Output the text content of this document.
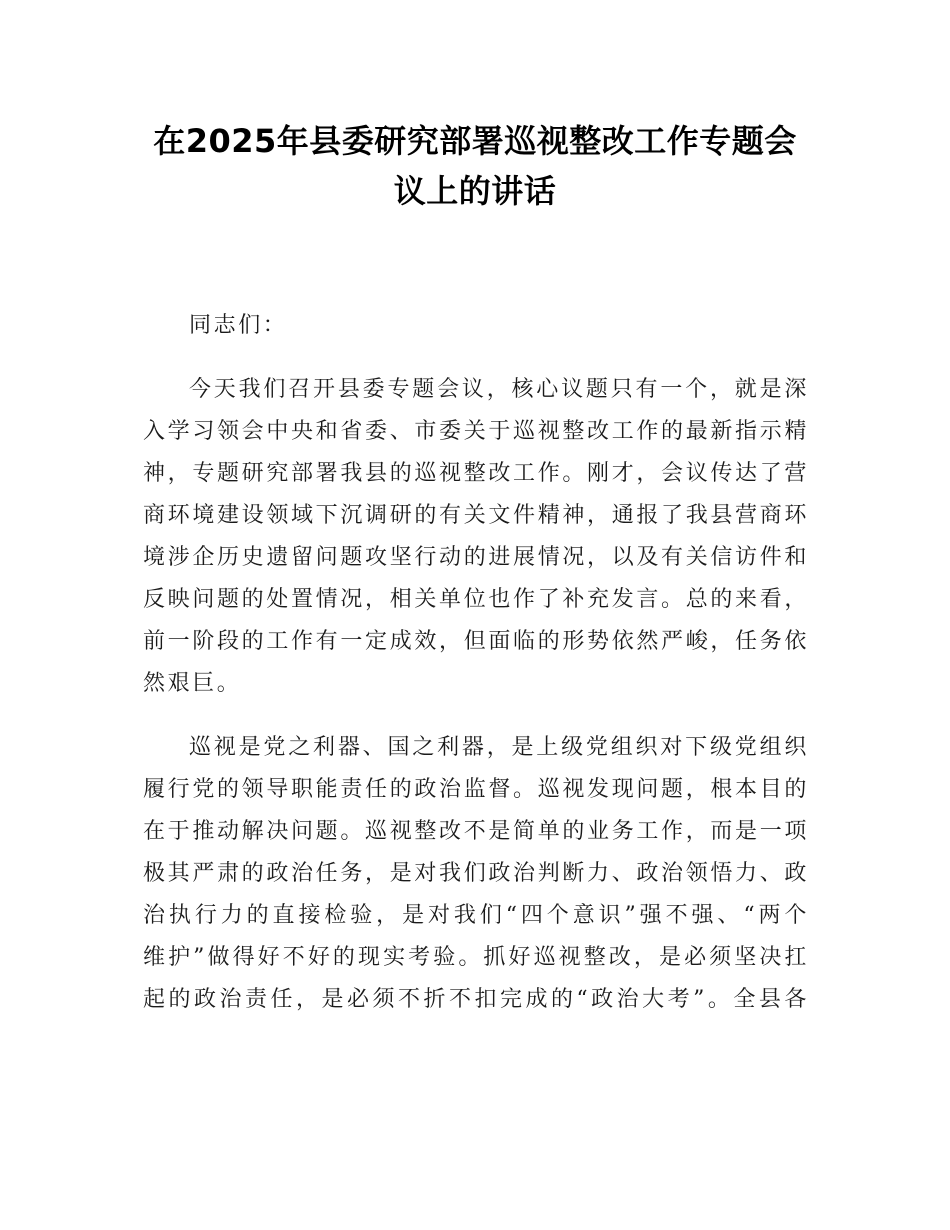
在2025年县委研究部署巡视整改工作专题会
议上的讲话

同志们：

今天我们召开县委专题会议，核心议题只有一个，就是深
入学习领会中央和省委、市委关于巡视整改工作的最新指示精
神，专题研究部署我县的巡视整改工作。刚才，会议传达了营
商环境建设领域下沉调研的有关文件精神，通报了我县营商环
境涉企历史遗留问题攻坚行动的进展情况，以及有关信访件和
反映问题的处置情况，相关单位也作了补充发言。总的来看，
前一阶段的工作有一定成效，但面临的形势依然严峻，任务依
然艰巨。

巡视是党之利器、国之利器，是上级党组织对下级党组织
履行党的领导职能责任的政治监督。巡视发现问题，根本目的
在于推动解决问题。巡视整改不是简单的业务工作，而是一项
极其严肃的政治任务，是对我们政治判断力、政治领悟力、政
治执行力的直接检验，是对我们“四个意识”强不强、“两个
维护”做得好不好的现实考验。抓好巡视整改，是必须坚决扛
起的政治责任，是必须不折不扣完成的“政治大考”。全县各
